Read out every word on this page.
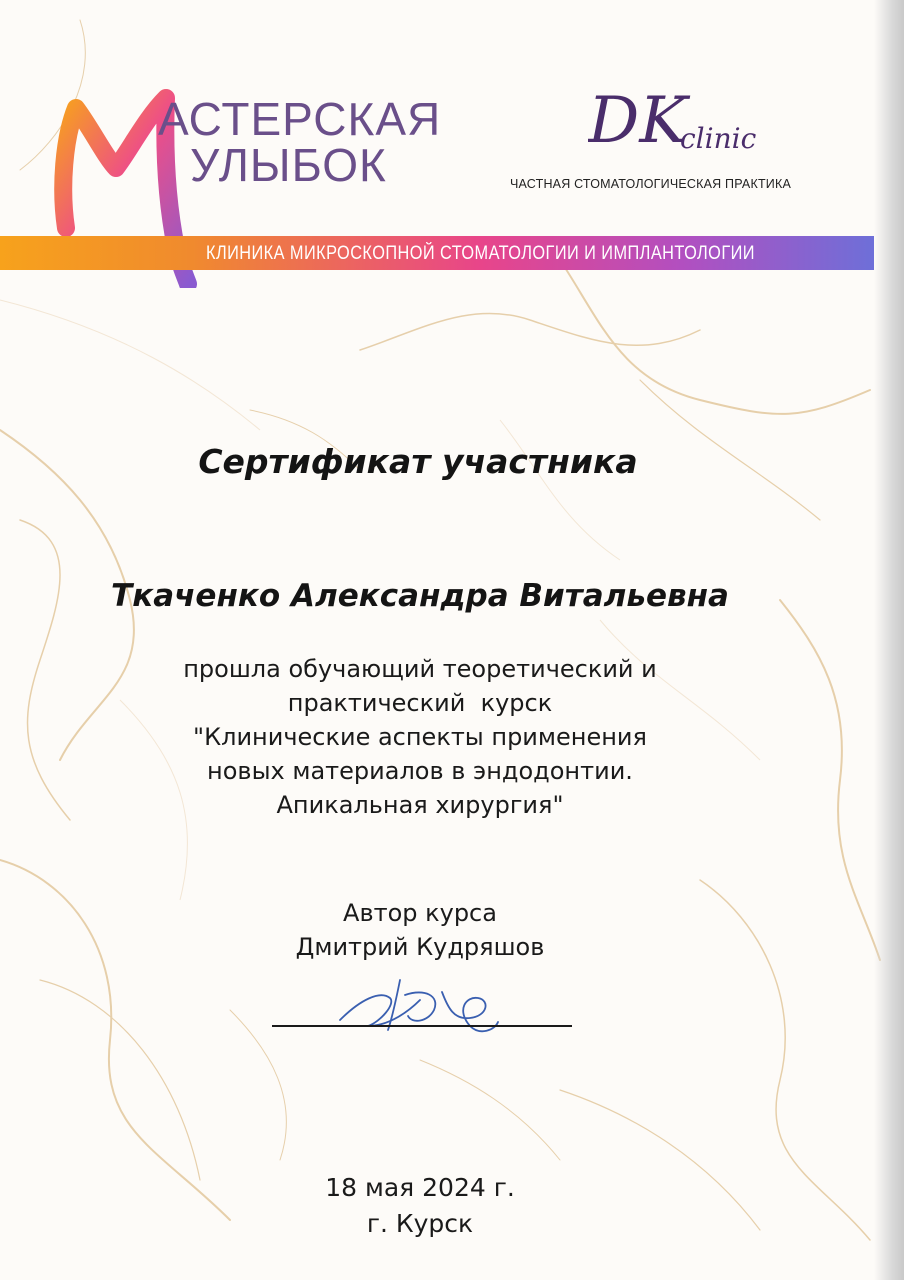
АСТЕРСКАЯ
УЛЫБОК
КЛИНИКА МИКРОСКОПНОЙ СТОМАТОЛОГИИ И ИМПЛАНТОЛОГИИ
DK
clinic
ЧАСТНАЯ СТОМАТОЛОГИЧЕСКАЯ ПРАКТИКА
Сертификат участника
Ткаченко Александра Витальевна
прошла обучающий теоретический и
практический  курск
"Клинические аспекты применения
новых материалов в эндодонтии.
Апикальная хирургия"
Автор курса
Дмитрий Кудряшов
18 мая 2024 г.
г. Курск
